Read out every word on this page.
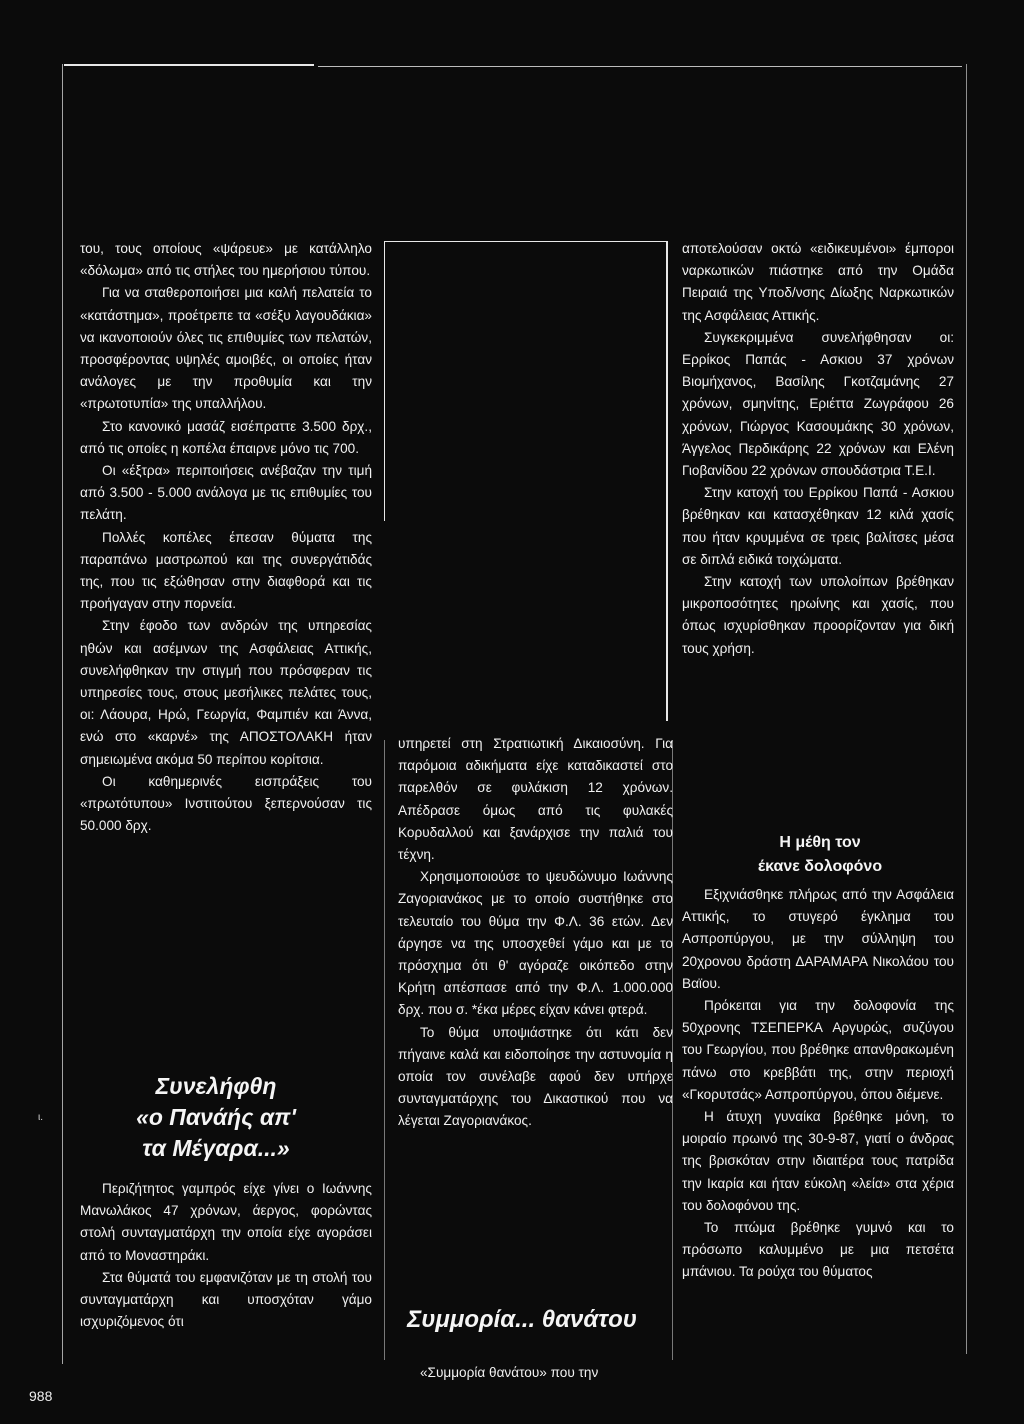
του, τους οποίους «ψάρευε» με κατάλληλο «δόλωμα» από τις στήλες του ημερήσιου τύπου.

Για να σταθεροποιήσει μια καλή πελατεία το «κατάστημα», προέτρεπε τα «σέξυ λαγουδάκια» να ικανοποιούν όλες τις επιθυμίες των πελατών, προσφέροντας υψηλές αμοιβές, οι οποίες ήταν ανάλογες με την προθυμία και την «πρωτοτυπία» της υπαλλήλου.

Στο κανονικό μασάζ εισέπραττε 3.500 δρχ., από τις οποίες η κοπέλα έπαιρνε μόνο τις 700.

Οι «έξτρα» περιποιήσεις ανέβαζαν την τιμή από 3.500 - 5.000 ανάλογα με τις επιθυμίες του πελάτη.

Πολλές κοπέλες έπεσαν θύματα της παραπάνω μαστρωπού και της συνεργάτιδάς της, που τις εξώθησαν στην διαφθορά και τις προήγαγαν στην πορνεία.

Στην έφοδο των ανδρών της υπηρεσίας ηθών και ασέμνων της Ασφάλειας Αττικής, συνελήφθηκαν την στιγμή που πρόσφεραν τις υπηρεσίες τους, στους μεσήλικες πελάτες τους, οι: Λάουρα, Ηρώ, Γεωργία, Φαμπιέν και Άννα, ενώ στο «καρνέ» της ΑΠΟΣΤΟΛΑΚΗ ήταν σημειωμένα ακόμα 50 περίπου κορίτσια.

Οι καθημερινές εισπράξεις του «πρωτότυπου» Ινστιτούτου ξεπερνούσαν τις 50.000 δρχ.

Συνελήφθη
«ο Πανάής απ'
τα Μέγαρα...»

Περιζήτητος γαμπρός είχε γίνει ο Ιωάννης Μανωλάκος 47 χρόνων, άεργος, φορώντας στολή συνταγματάρχη την οποία είχε αγοράσει από το Μοναστηράκι.

Στα θύματά του εμφανιζόταν με τη στολή του συνταγματάρχη και υποσχόταν γάμο ισχυριζόμενος ότι

υπηρετεί στη Στρατιωτική Δικαιοσύνη. Για παρόμοια αδικήματα είχε καταδικαστεί στο παρελθόν σε φυλάκιση 12 χρόνων. Απέδρασε όμως από τις φυλακές Κορυδαλλού και ξανάρχισε την παλιά του τέχνη.

Χρησιμοποιούσε το ψευδώνυμο Ιωάννης Ζαγοριανάκος με το οποίο συστήθηκε στο τελευταίο του θύμα την Φ.Λ. 36 ετών. Δεν άργησε να της υποσχεθεί γάμο και με το πρόσχημα ότι θ' αγόραζε οικόπεδο στην Κρήτη απέσπασε από την Φ.Λ. 1.000.000 δρχ. που σ. *έκα μέρες είχαν κάνει φτερά.

Το θύμα υποψιάστηκε ότι κάτι δεν πήγαινε καλά και ειδοποίησε την αστυνομία η οποία τον συνέλαβε αφού δεν υπήρχε συνταγματάρχης του Δικαστικού που να λέγεται Ζαγοριανάκος.

Συμμορία... θανάτου

«Συμμορία θανάτου» που την

αποτελούσαν οκτώ «ειδικευμένοι» έμποροι ναρκωτικών πιάστηκε από την Ομάδα Πειραιά της Υποδ/νσης Δίωξης Ναρκωτικών της Ασφάλειας Αττικής.

Συγκεκριμμένα συνελήφθησαν οι: Ερρίκος Παπάς - Ασκιου 37 χρόνων Βιομήχανος, Βασίλης Γκοτζαμάνης 27 χρόνων, σμηνίτης, Εριέττα Ζωγράφου 26 χρόνων, Γιώργος Κασουμάκης 30 χρόνων, Άγγελος Περδικάρης 22 χρόνων και Ελένη Γιοβανίδου 22 χρόνων σπουδάστρια Τ.Ε.Ι.

Στην κατοχή του Ερρίκου Παπά - Ασκιου βρέθηκαν και κατασχέθηκαν 12 κιλά χασίς που ήταν κρυμμένα σε τρεις βαλίτσες μέσα σε διπλά ειδικά τοιχώματα.

Στην κατοχή των υπολοίπων βρέθηκαν μικροποσότητες ηρωίνης και χασίς, που όπως ισχυρίσθηκαν προορίζονταν για δική τους χρήση.

Η μέθη τον
έκανε δολοφόνο

Εξιχνιάσθηκε πλήρως από την Ασφάλεια Αττικής, το στυγερό έγκλημα του Ασπροπύργου, με την σύλληψη του 20χρονου δράστη ΔΑΡΑΜΑΡΑ Νικολάου του Βαϊου.

Πρόκειται για την δολοφονία της 50χρονης ΤΣΕΠΕΡΚΑ Αργυρώς, συζύγου του Γεωργίου, που βρέθηκε απανθρακωμένη πάνω στο κρεββάτι της, στην περιοχή «Γκορυτσάς» Ασπροπύργου, όπου διέμενε.

Η άτυχη γυναίκα βρέθηκε μόνη, το μοιραίο πρωινό της 30-9-87, γιατί ο άνδρας της βρισκόταν στην ιδιαιτέρα τους πατρίδα την Ικαρία και ήταν εύκολη «λεία» στα χέρια του δολοφόνου της.

Το πτώμα βρέθηκε γυμνό και το πρόσωπο καλυμμένο με μια πετσέτα μπάνιου. Τα ρούχα του θύματος

988
ι.
